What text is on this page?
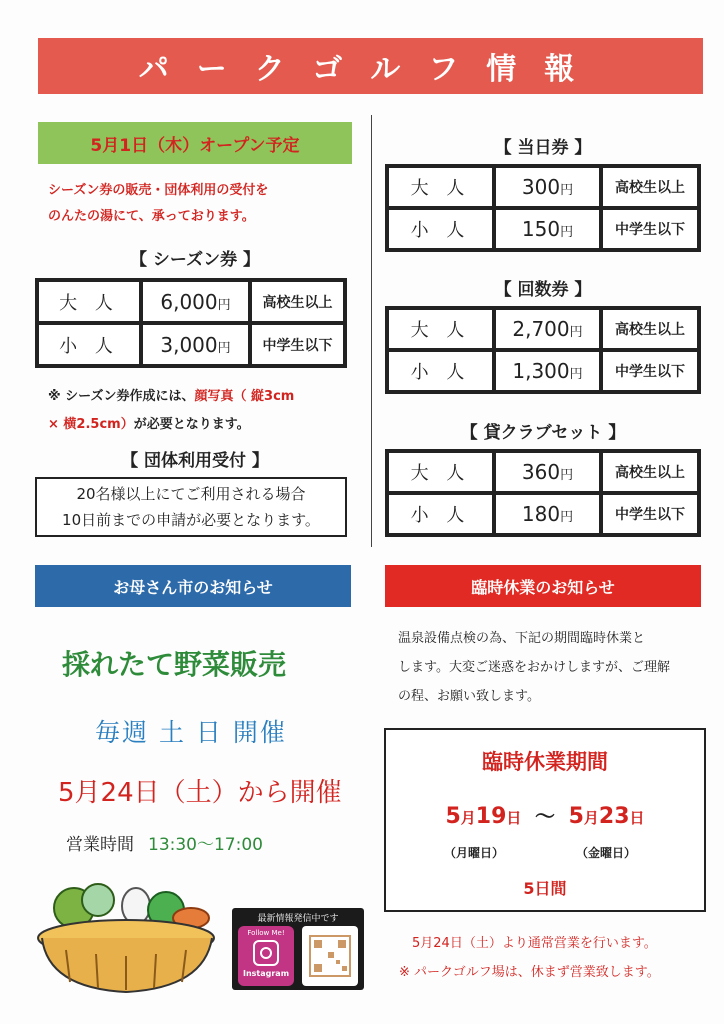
パークゴルフ情報
5月1日（木）オープン予定
シーズン券の販売・団体利用の受付を
のんたの湯にて、承っております。
【 シーズン券 】
大 人	6,000円	高校生以上
小 人	3,000円	中学生以下
※ シーズン券作成には、顔写真（ 縦3cm
× 横2.5cm）が必要となります。
【 団体利用受付 】
20名様以上にてご利用される場合
10日前までの申請が必要となります。
【 当日券 】
大 人	300円	高校生以上
小 人	150円	中学生以下
【 回数券 】
大 人	2,700円	高校生以上
小 人	1,300円	中学生以下
【 貸クラブセット 】
大 人	360円	高校生以上
小 人	180円	中学生以下
お母さん市のお知らせ
採れたて野菜販売
毎週 土 日 開催
5月24日（土）から開催
営業時間 13:30〜17:00
最新情報発信中です
Follow Me!
Instagram
臨時休業のお知らせ
温泉設備点検の為、下記の期間臨時休業と
します。大変ご迷惑をおかけしますが、ご理解
の程、お願い致します。
臨時休業期間
5月19日 〜 5月23日
（月曜日）	（金曜日）
5日間
5月24日（土）より通常営業を行います。
※ パークゴルフ場は、休まず営業致します。
